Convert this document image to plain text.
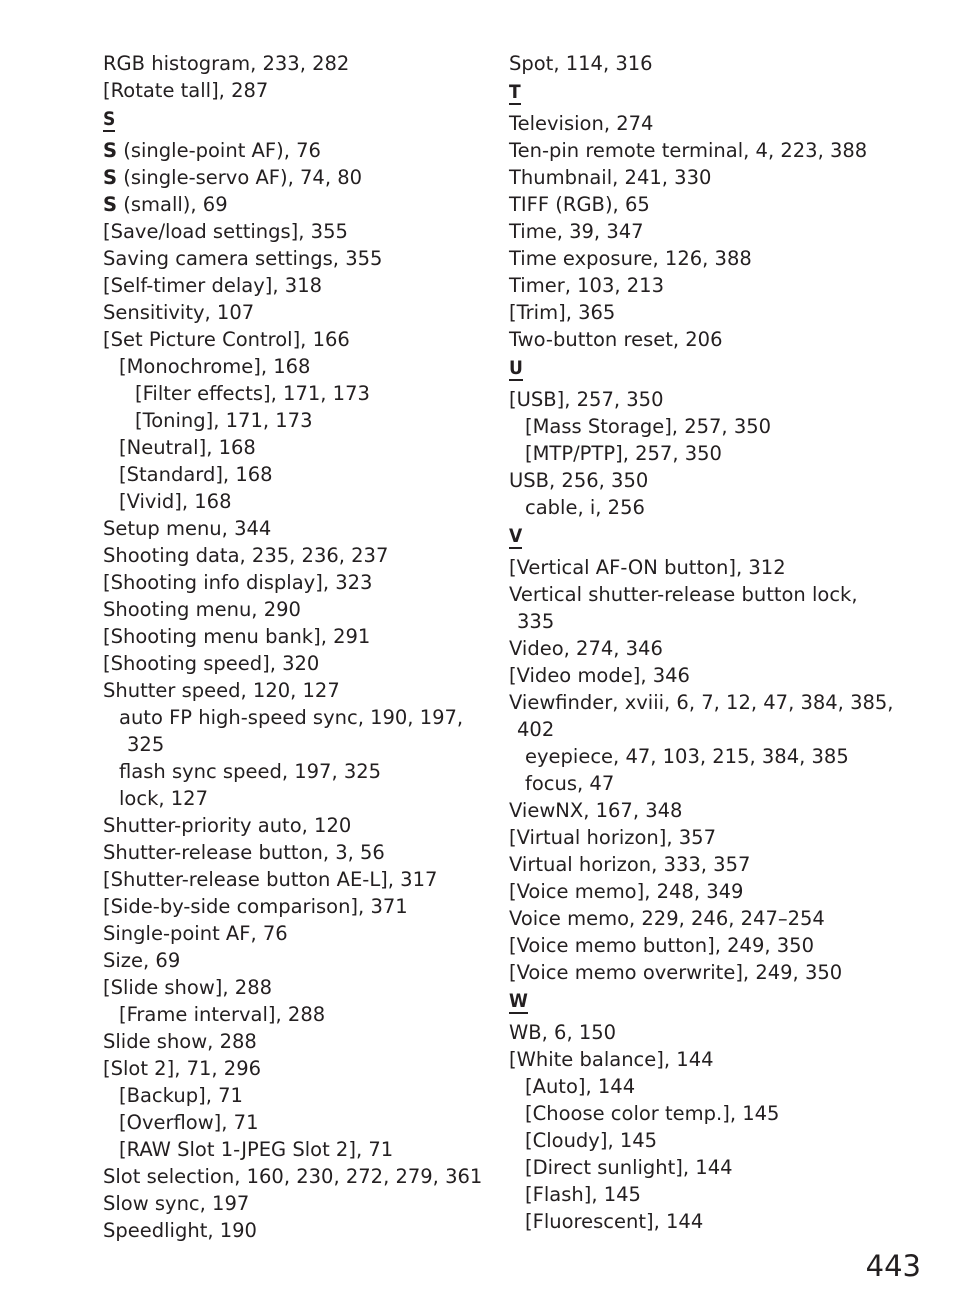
RGB histogram, 233, 282
[Rotate tall], 287
S
S (single-point AF), 76
S (single-servo AF), 74, 80
S (small), 69
[Save/load settings], 355
Saving camera settings, 355
[Self-timer delay], 318
Sensitivity, 107
[Set Picture Control], 166
[Monochrome], 168
[Filter effects], 171, 173
[Toning], 171, 173
[Neutral], 168
[Standard], 168
[Vivid], 168
Setup menu, 344
Shooting data, 235, 236, 237
[Shooting info display], 323
Shooting menu, 290
[Shooting menu bank], 291
[Shooting speed], 320
Shutter speed, 120, 127
auto FP high-speed sync, 190, 197,
325
flash sync speed, 197, 325
lock, 127
Shutter-priority auto, 120
Shutter-release button, 3, 56
[Shutter-release button AE-L], 317
[Side-by-side comparison], 371
Single-point AF, 76
Size, 69
[Slide show], 288
[Frame interval], 288
Slide show, 288
[Slot 2], 71, 296
[Backup], 71
[Overflow], 71
[RAW Slot 1-JPEG Slot 2], 71
Slot selection, 160, 230, 272, 279, 361
Slow sync, 197
Speedlight, 190
Spot, 114, 316
T
Television, 274
Ten-pin remote terminal, 4, 223, 388
Thumbnail, 241, 330
TIFF (RGB), 65
Time, 39, 347
Time exposure, 126, 388
Timer, 103, 213
[Trim], 365
Two-button reset, 206
U
[USB], 257, 350
[Mass Storage], 257, 350
[MTP/PTP], 257, 350
USB, 256, 350
cable, i, 256
V
[Vertical AF-ON button], 312
Vertical shutter-release button lock,
335
Video, 274, 346
[Video mode], 346
Viewfinder, xviii, 6, 7, 12, 47, 384, 385,
402
eyepiece, 47, 103, 215, 384, 385
focus, 47
ViewNX, 167, 348
[Virtual horizon], 357
Virtual horizon, 333, 357
[Voice memo], 248, 349
Voice memo, 229, 246, 247–254
[Voice memo button], 249, 350
[Voice memo overwrite], 249, 350
W
WB, 6, 150
[White balance], 144
[Auto], 144
[Choose color temp.], 145
[Cloudy], 145
[Direct sunlight], 144
[Flash], 145
[Fluorescent], 144
443
